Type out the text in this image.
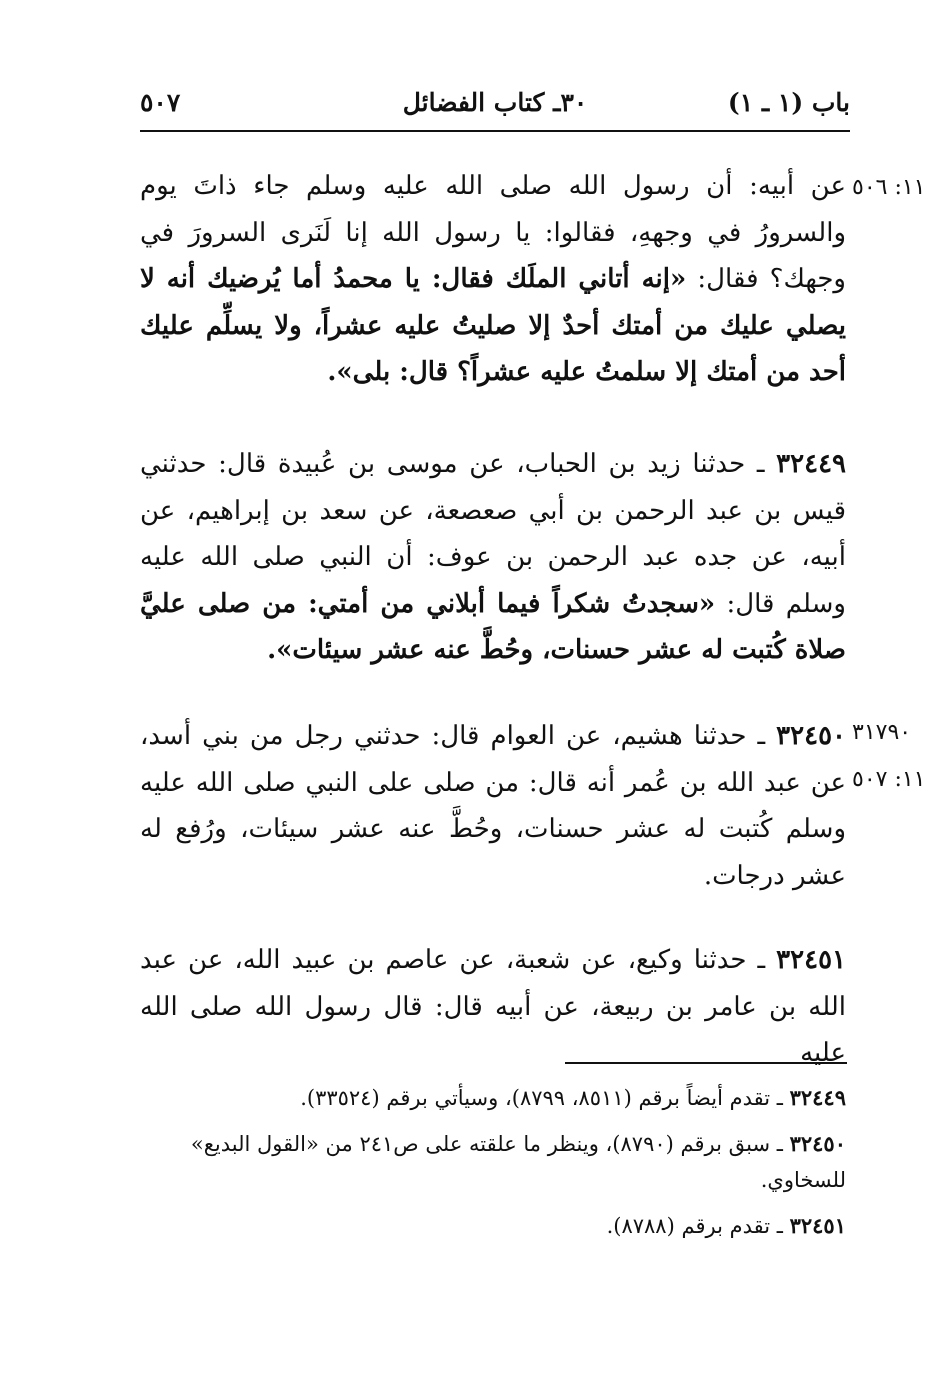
باب (١ ـ ١)
٣٠ـ كتاب الفضائل
٥٠٧
١١: ٥٠٦
٣١٧٩٠
١١: ٥٠٧
عن أبيه: أن رسول الله صلى الله عليه وسلم جاء ذاتَ يوم والسرورُ في وجههِ، فقالوا: يا رسول الله إنا لَنَرى السرورَ في وجهك؟ فقال: «إنه أتاني الملَك فقال: يا محمدُ أما يُرضيك أنه لا يصلي عليك من أمتك أحدٌ إلا صليتُ عليه عشراً، ولا يسلِّم عليك أحد من أمتك إلا سلمتُ عليه عشراً؟ قال: بلى».
٣٢٤٤٩ ـ حدثنا زيد بن الحباب، عن موسى بن عُبيدة قال: حدثني قيس بن عبد الرحمن بن أبي صعصعة، عن سعد بن إبراهيم، عن أبيه، عن جده عبد الرحمن بن عوف: أن النبي صلى الله عليه وسلم قال: «سجدتُ شكراً فيما أبلاني من أمتي: من صلى عليَّ صلاة كُتبت له عشر حسنات، وحُطَّ عنه عشر سيئات».
٣٢٤٥٠ ـ حدثنا هشيم، عن العوام قال: حدثني رجل من بني أسد، عن عبد الله بن عُمر أنه قال: من صلى على النبي صلى الله عليه وسلم كُتبت له عشر حسنات، وحُطَّ عنه عشر سيئات، ورُفع له عشر درجات.
٣٢٤٥١ ـ حدثنا وكيع، عن شعبة، عن عاصم بن عبيد الله، عن عبد الله بن عامر بن ربيعة، عن أبيه قال: قال رسول الله صلى الله عليه

٣٢٤٤٩ ـ تقدم أيضاً برقم (٨٥١١، ٨٧٩٩)، وسيأتي برقم (٣٣٥٢٤).

٣٢٤٥٠ ـ سبق برقم (٨٧٩٠)، وينظر ما علقته على ص٢٤١ من «القول البديع» للسخاوي.

٣٢٤٥١ ـ تقدم برقم (٨٧٨٨).
